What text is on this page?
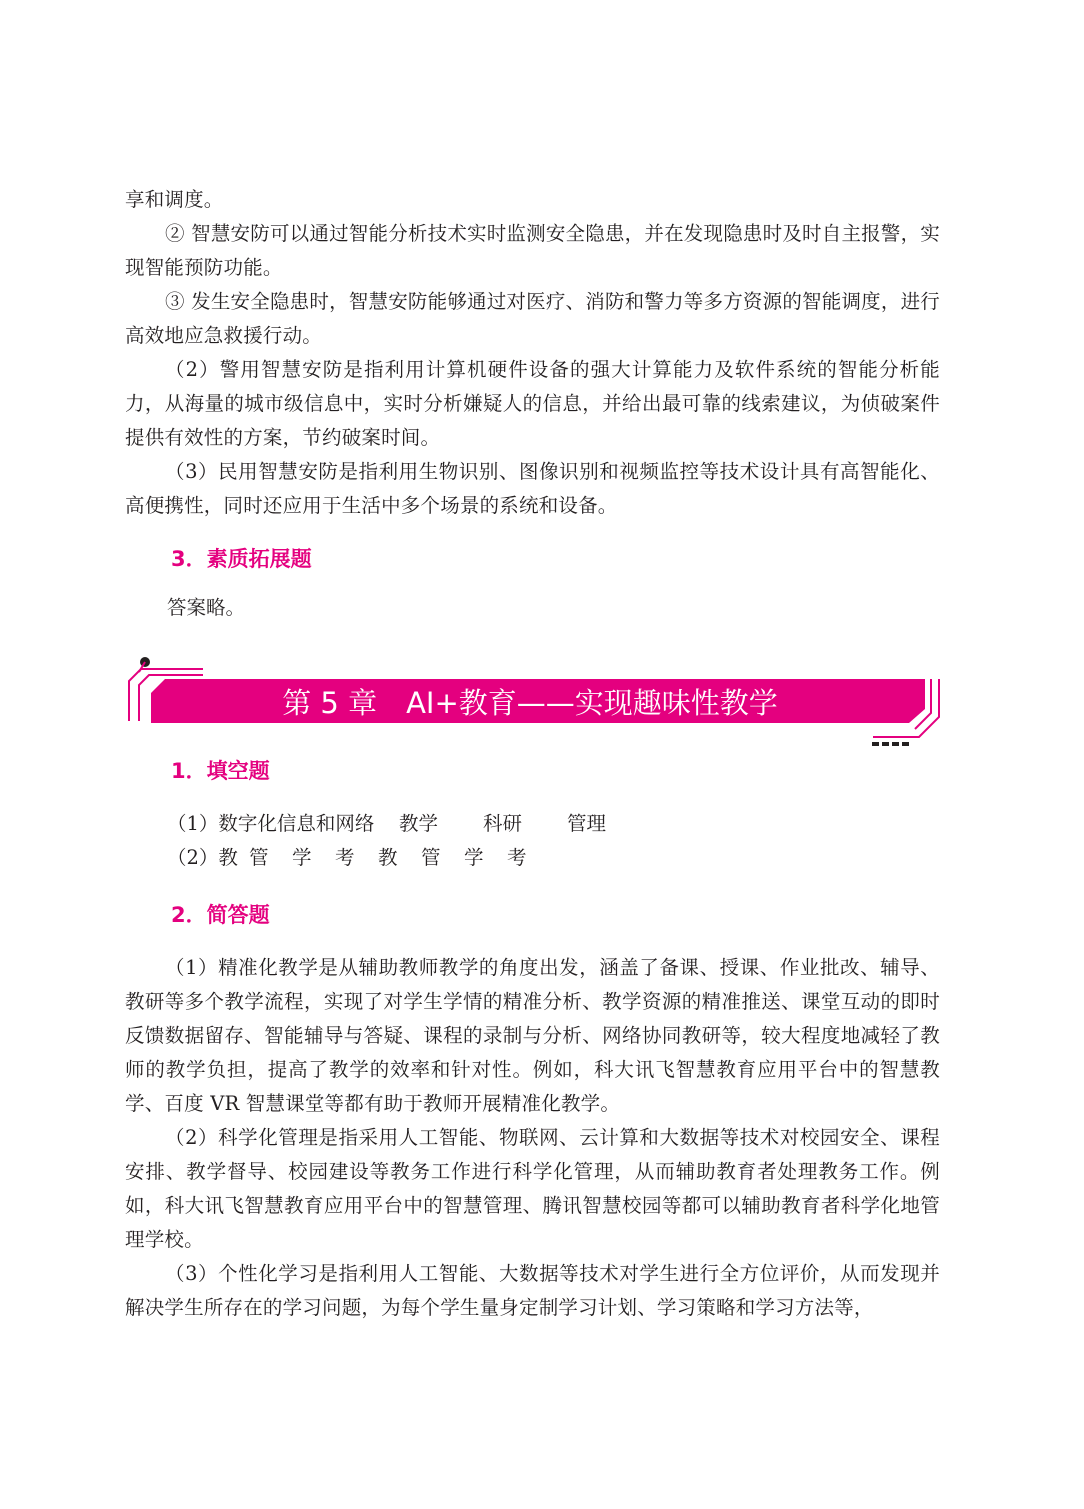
享和调度。

② 智慧安防可以通过智能分析技术实时监测安全隐患，并在发现隐患时及时自主报警，实现智能预防功能。

③ 发生安全隐患时，智慧安防能够通过对医疗、消防和警力等多方资源的智能调度，进行高效地应急救援行动。

（2）警用智慧安防是指利用计算机硬件设备的强大计算能力及软件系统的智能分析能力，从海量的城市级信息中，实时分析嫌疑人的信息，并给出最可靠的线索建议，为侦破案件提供有效性的方案，节约破案时间。

（3）民用智慧安防是指利用生物识别、图像识别和视频监控等技术设计具有高智能化、高便携性，同时还应用于生活中多个场景的系统和设备。

3．素质拓展题

答案略。

第 5 章　AI+教育——实现趣味性教学
1．填空题
（1）数字化信息和网络	教学	科研	管理
（2）教 管	学	考	教	管	学	考
2．简答题

（1）精准化教学是从辅助教师教学的角度出发，涵盖了备课、授课、作业批改、辅导、教研等多个教学流程，实现了对学生学情的精准分析、教学资源的精准推送、课堂互动的即时反馈数据留存、智能辅导与答疑、课程的录制与分析、网络协同教研等，较大程度地减轻了教师的教学负担，提高了教学的效率和针对性。例如，科大讯飞智慧教育应用平台中的智慧教学、百度 VR 智慧课堂等都有助于教师开展精准化教学。

（2）科学化管理是指采用人工智能、物联网、云计算和大数据等技术对校园安全、课程安排、教学督导、校园建设等教务工作进行科学化管理，从而辅助教育者处理教务工作。例如，科大讯飞智慧教育应用平台中的智慧管理、腾讯智慧校园等都可以辅助教育者科学化地管理学校。

（3）个性化学习是指利用人工智能、大数据等技术对学生进行全方位评价，从而发现并解决学生所存在的学习问题，为每个学生量身定制学习计划、学习策略和学习方法等，
